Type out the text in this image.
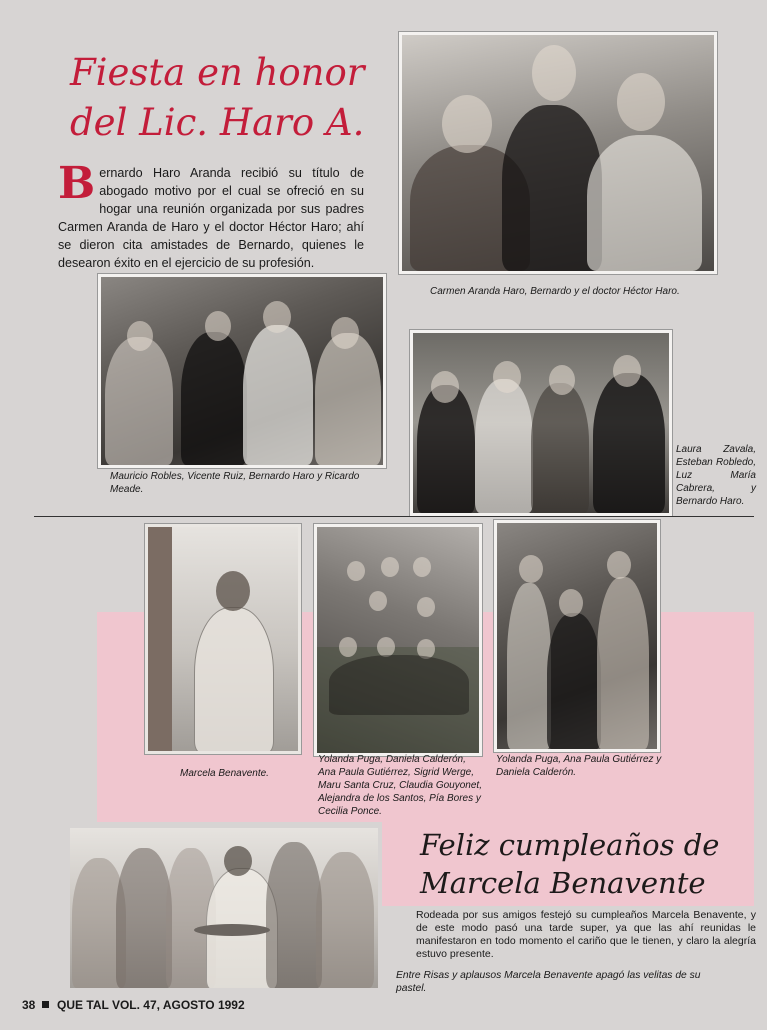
Fiesta en honor
del Lic. Haro A.
B ernardo Haro Aranda recibió su título de abogado motivo por el cual se ofreció en su hogar una reunión organizada por sus padres Carmen Aranda de Haro y el doctor Héctor Haro; ahí se dieron cita amistades de Bernardo, quienes le desearon éxito en el ejercicio de su profesión.
Carmen Aranda Haro, Bernardo y el doctor Héctor Haro.
Mauricio Robles, Vicente Ruiz, Bernardo Haro y Ricardo Meade.
Laura Zavala, Esteban Robledo, Luz María Cabrera, y Bernardo Haro.
Marcela Benavente.
Yolanda Puga, Daniela Calderón, Ana Paula Gutiérrez, Sigrid Werge, Maru Santa Cruz, Claudia Gouyonet, Alejandra de los Santos, Pía Bores y Cecilia Ponce.
Yolanda Puga, Ana Paula Gutiérrez y Daniela Calderón.
Feliz cumpleaños de
Marcela Benavente
Rodeada por sus amigos festejó su cumpleaños Marcela Benavente, y de este modo pasó una tarde super, ya que las ahí reunidas le manifestaron en todo momento el cariño que le tienen, y claro la alegría estuvo presente.
Entre Risas y aplausos Marcela Benavente apagó las velitas de su pastel.
38 QUE TAL VOL. 47, AGOSTO 1992
